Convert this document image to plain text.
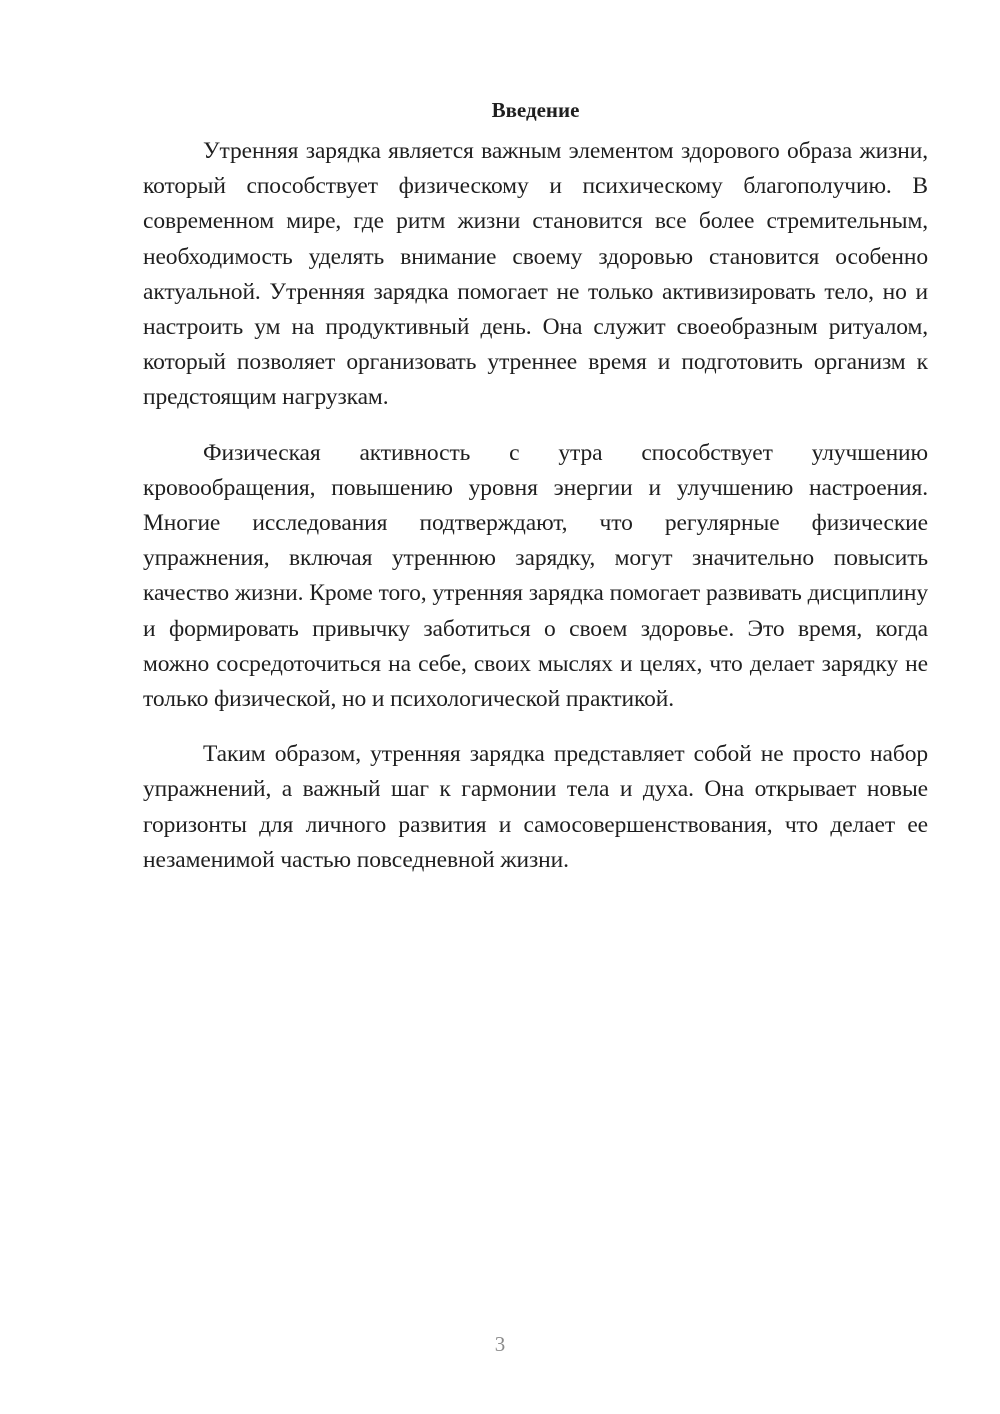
Введение

Утренняя зарядка является важным элементом здорового образа жизни, который способствует физическому и психическому благополучию. В современном мире, где ритм жизни становится все более стремительным, необходимость уделять внимание своему здоровью становится особенно актуальной. Утренняя зарядка помогает не только активизировать тело, но и настроить ум на продуктивный день. Она служит своеобразным ритуалом, который позволяет организовать утреннее время и подготовить организм к предстоящим нагрузкам.

Физическая активность с утра способствует улучшению кровообращения, повышению уровня энергии и улучшению настроения. Многие исследования подтверждают, что регулярные физические упражнения, включая утреннюю зарядку, могут значительно повысить качество жизни. Кроме того, утренняя зарядка помогает развивать дисциплину и формировать привычку заботиться о своем здоровье. Это время, когда можно сосредоточиться на себе, своих мыслях и целях, что делает зарядку не только физической, но и психологической практикой.

Таким образом, утренняя зарядка представляет собой не просто набор упражнений, а важный шаг к гармонии тела и духа. Она открывает новые горизонты для личного развития и самосовершенствования, что делает ее незаменимой частью повседневной жизни.

3
